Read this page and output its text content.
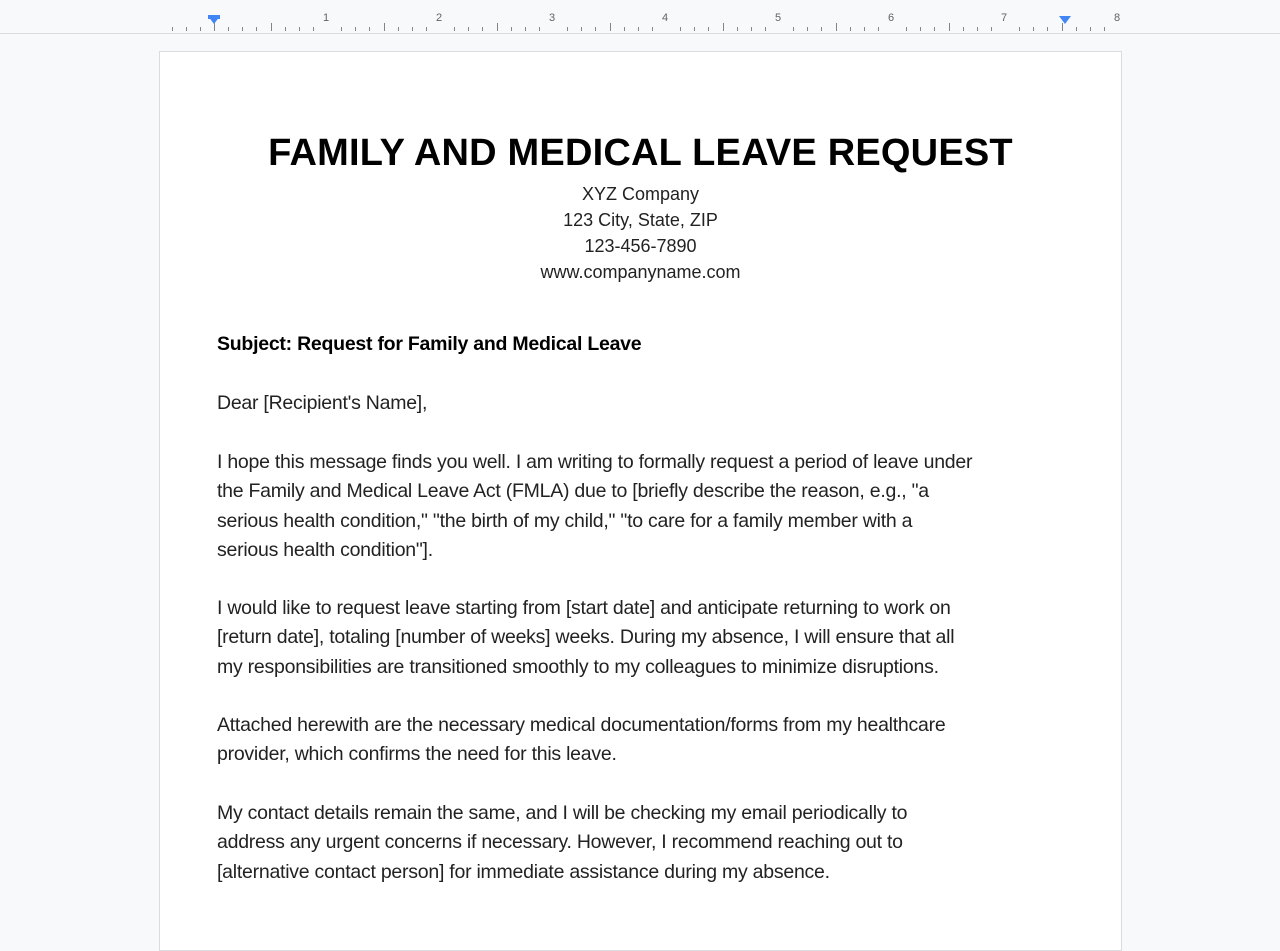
1	2	3	4	5	6	7	8
FAMILY AND MEDICAL LEAVE REQUEST
XYZ Company
123 City, State, ZIP
123-456-7890
www.companyname.com
Subject: Request for Family and Medical Leave
Dear [Recipient's Name],
I hope this message finds you well. I am writing to formally request a period of leave under
the Family and Medical Leave Act (FMLA) due to [briefly describe the reason, e.g., "a
serious health condition," "the birth of my child," "to care for a family member with a
serious health condition"].
I would like to request leave starting from [start date] and anticipate returning to work on
[return date], totaling [number of weeks] weeks. During my absence, I will ensure that all
my responsibilities are transitioned smoothly to my colleagues to minimize disruptions.
Attached herewith are the necessary medical documentation/forms from my healthcare
provider, which confirms the need for this leave.
My contact details remain the same, and I will be checking my email periodically to
address any urgent concerns if necessary. However, I recommend reaching out to
[alternative contact person] for immediate assistance during my absence.
